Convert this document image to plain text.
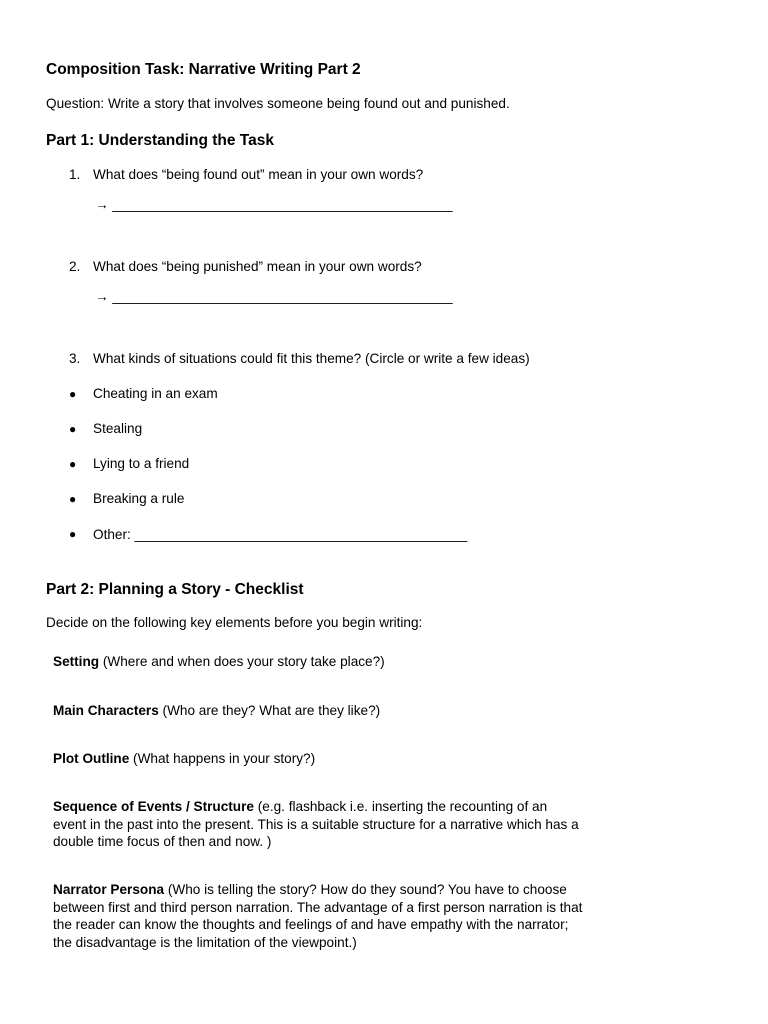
Composition Task: Narrative Writing Part 2
Question: Write a story that involves someone being found out and punished.
Part 1: Understanding the Task
1. What does “being found out” mean in your own words?
→ _____________________________________________
2. What does “being punished” mean in your own words?
→ _____________________________________________
3. What kinds of situations could fit this theme? (Circle or write a few ideas)
● Cheating in an exam
● Stealing
● Lying to a friend
● Breaking a rule
● Other: ____________________________________________
Part 2: Planning a Story - Checklist
Decide on the following key elements before you begin writing:
Setting (Where and when does your story take place?)
Main Characters (Who are they? What are they like?)
Plot Outline (What happens in your story?)
Sequence of Events / Structure (e.g. flashback i.e. inserting the recounting of an event in the past into the present. This is a suitable structure for a narrative which has a double time focus of then and now. )
Narrator Persona (Who is telling the story? How do they sound? You have to choose between first and third person narration. The advantage of a first person narration is that the reader can know the thoughts and feelings of and have empathy with the narrator; the disadvantage is the limitation of the viewpoint.)
